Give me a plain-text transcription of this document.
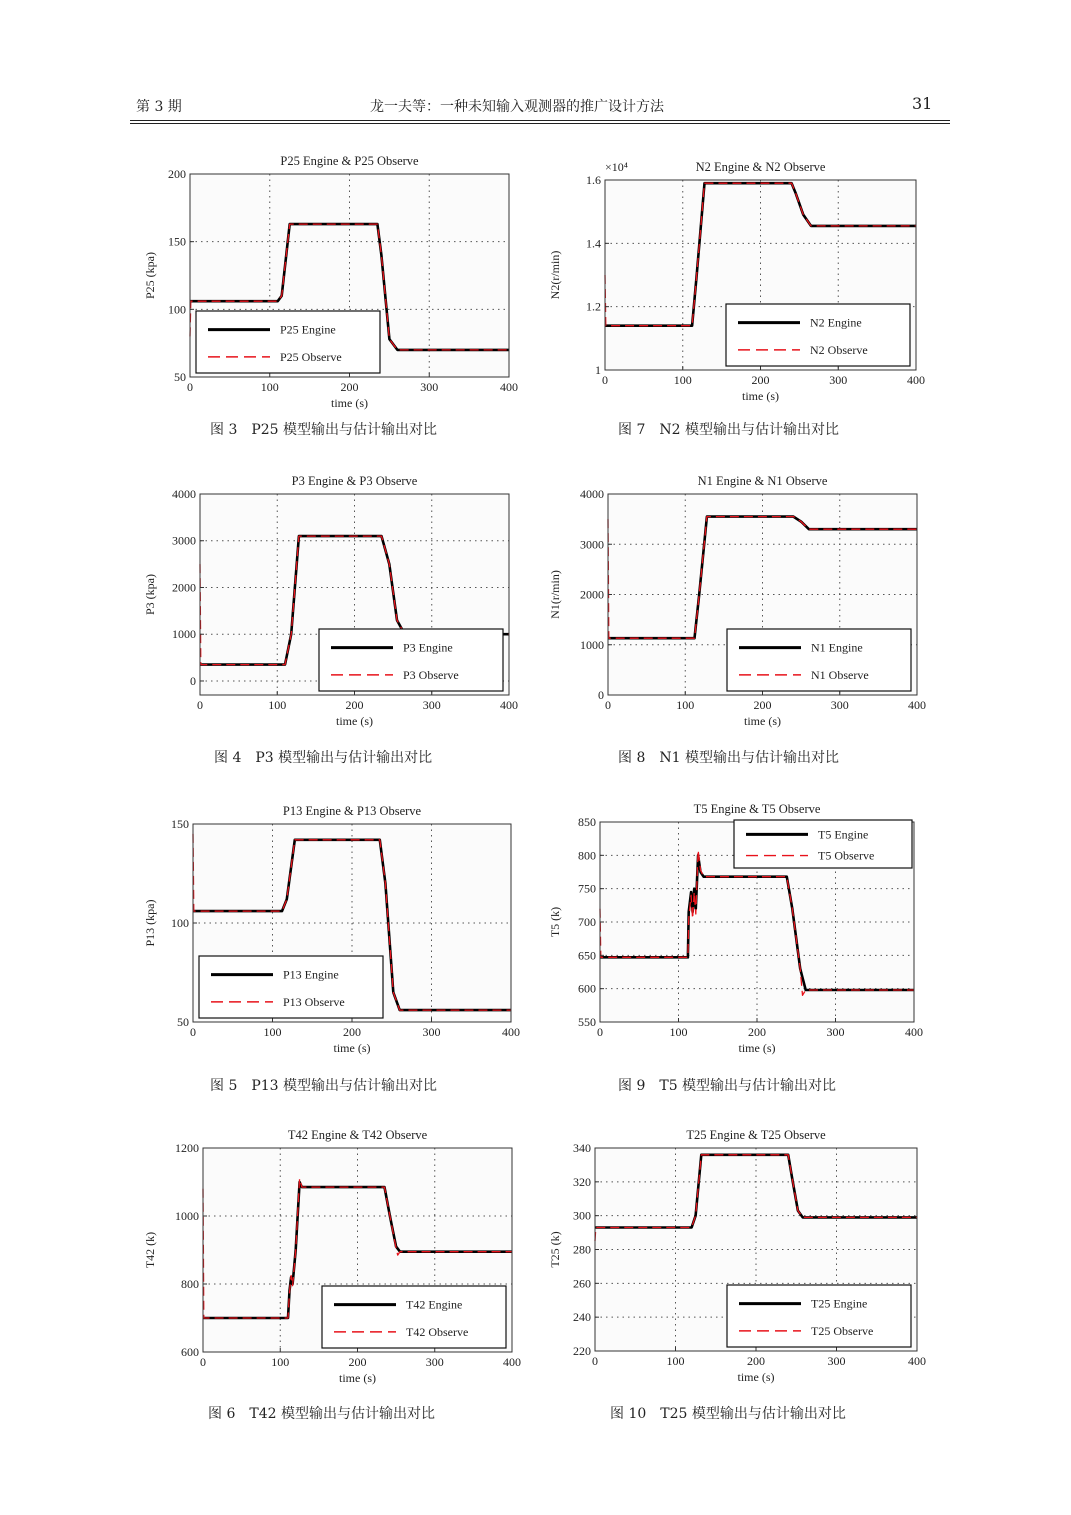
第 3 期	龙一夫等：一种未知输入观测器的推广设计方法	31
0	100	200	300	400
50
100
150
200
P25 Engine & P25 Observe
time (s)
P25 (kpa)
P25 Engine
P25 Observe
图 3　P25 模型输出与估计输出对比
0	100	200	300	400
1
1.2
1.4
1.6
N2 Engine & N2 Observe
time (s)
N2(r/min)
×10⁴
N2 Engine
N2 Observe
图 7　N2 模型输出与估计输出对比
0	100	200	300	400
0
1000
2000
3000
4000
P3 Engine & P3 Observe
time (s)
P3 (kpa)
P3 Engine
P3 Observe
图 4　P3 模型输出与估计输出对比
0	100	200	300	400
0
1000
2000
3000
4000
N1 Engine & N1 Observe
time (s)
N1(r/min)
N1 Engine
N1 Observe
图 8　N1 模型输出与估计输出对比
0	100	200	300	400
50
100
150
P13 Engine & P13 Observe
time (s)
P13 (kpa)
P13 Engine
P13 Observe
图 5　P13 模型输出与估计输出对比
0	100	200	300	400
550
600
650
700
750
800
850
T5 Engine & T5 Observe
time (s)
T5 (k)
T5 Engine
T5 Observe
图 9　T5 模型输出与估计输出对比
0	100	200	300	400
600
800
1000
1200
T42 Engine & T42 Observe
time (s)
T42 (k)
T42 Engine
T42 Observe
图 6　T42 模型输出与估计输出对比
0	100	200	300	400
220
240
260
280
300
320
340
T25 Engine & T25 Observe
time (s)
T25 (k)
T25 Engine
T25 Observe
图 10　T25 模型输出与估计输出对比
